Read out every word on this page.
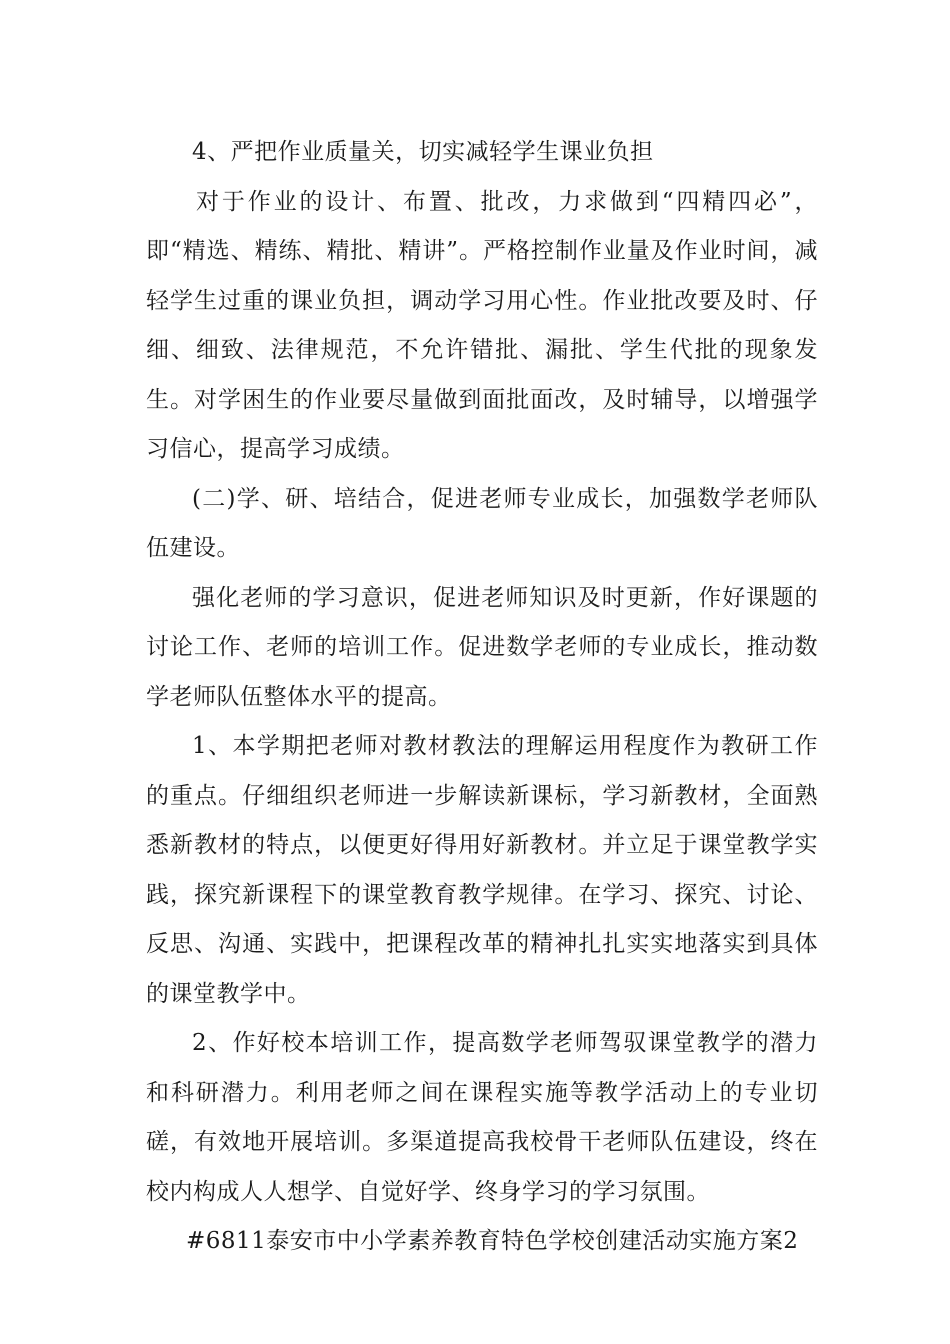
4、严把作业质量关，切实减轻学生课业负担

对于作业的设计、布置、批改，力求做到“四精四必”，即“精选、精练、精批、精讲”。严格控制作业量及作业时间，减轻学生过重的课业负担，调动学习用心性。作业批改要及时、仔细、细致、法律规范，不允许错批、漏批、学生代批的现象发生。对学困生的作业要尽量做到面批面改，及时辅导，以增强学习信心，提高学习成绩。

(二)学、研、培结合，促进老师专业成长，加强数学老师队伍建设。

强化老师的学习意识，促进老师知识及时更新，作好课题的讨论工作、老师的培训工作。促进数学老师的专业成长，推动数学老师队伍整体水平的提高。

1、本学期把老师对教材教法的理解运用程度作为教研工作的重点。仔细组织老师进一步解读新课标，学习新教材，全面熟悉新教材的特点，以便更好得用好新教材。并立足于课堂教学实践，探究新课程下的课堂教育教学规律。在学习、探究、讨论、反思、沟通、实践中，把课程改革的精神扎扎实实地落实到具体的课堂教学中。

2、作好校本培训工作，提高数学老师驾驭课堂教学的潜力和科研潜力。利用老师之间在课程实施等教学活动上的专业切磋，有效地开展培训。多渠道提高我校骨干老师队伍建设，终在校内构成人人想学、自觉好学、终身学习的学习氛围。

#6811泰安市中小学素养教育特色学校创建活动实施方案2
